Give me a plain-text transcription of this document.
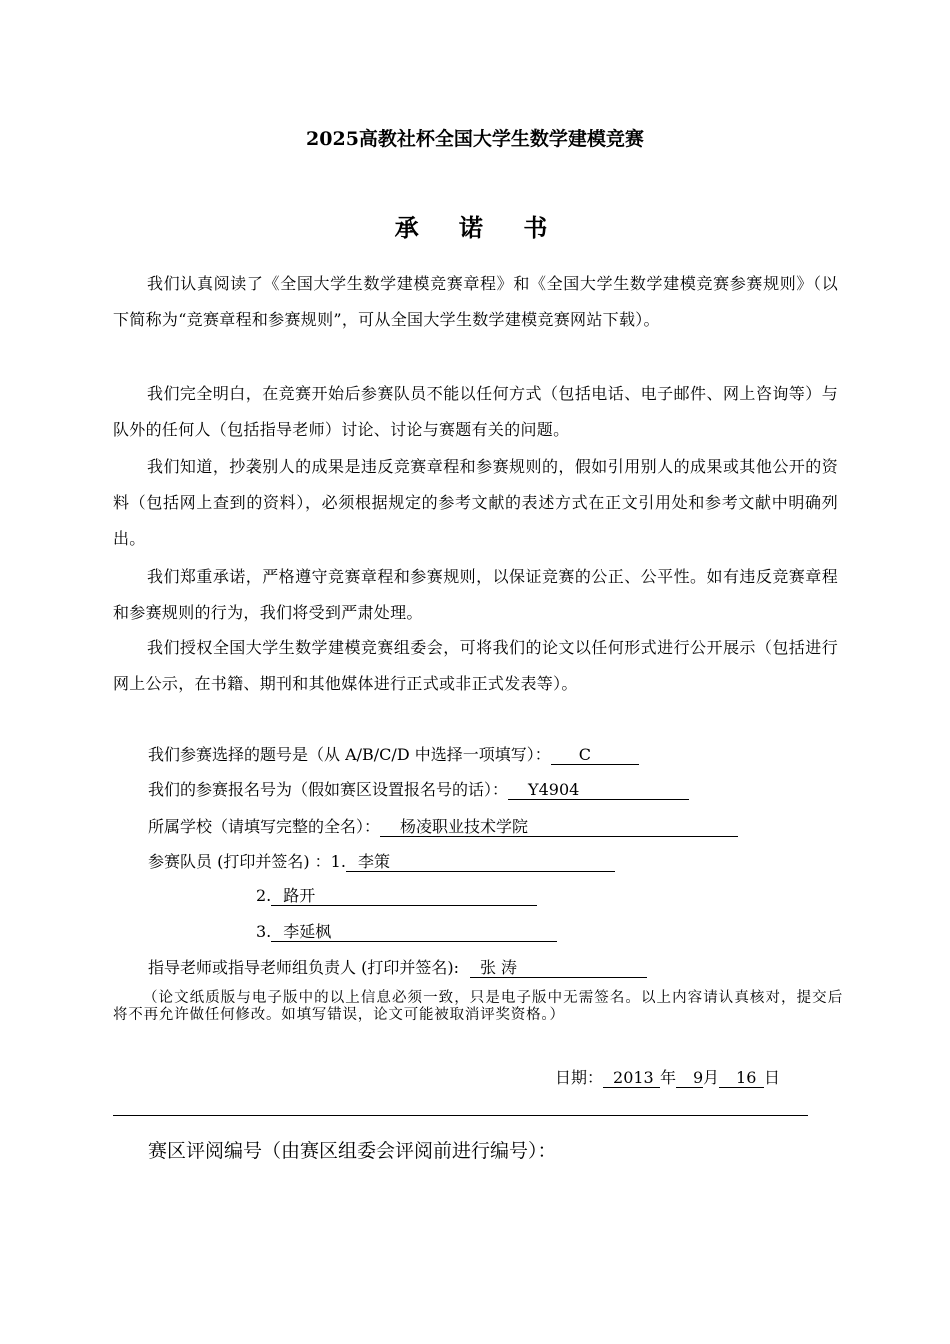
2025高教社杯全国大学生数学建模竞赛
承 诺 书
我们认真阅读了《全国大学生数学建模竞赛章程》和《全国大学生数学建模竞赛参赛规则》（以下简称为“竞赛章程和参赛规则”，可从全国大学生数学建模竞赛网站下载）。
我们完全明白，在竞赛开始后参赛队员不能以任何方式（包括电话、电子邮件、网上咨询等）与队外的任何人（包括指导老师）讨论、讨论与赛题有关的问题。
我们知道，抄袭别人的成果是违反竞赛章程和参赛规则的，假如引用别人的成果或其他公开的资料（包括网上查到的资料），必须根据规定的参考文献的表述方式在正文引用处和参考文献中明确列出。
我们郑重承诺，严格遵守竞赛章程和参赛规则，以保证竞赛的公正、公平性。如有违反竞赛章程和参赛规则的行为，我们将受到严肃处理。
我们授权全国大学生数学建模竞赛组委会，可将我们的论文以任何形式进行公开展示（包括进行网上公示，在书籍、期刊和其他媒体进行正式或非正式发表等）。
我们参赛选择的题号是（从 A/B/C/D 中选择一项填写）： C
我们的参赛报名号为（假如赛区设置报名号的话）： Y4904
所属学校（请填写完整的全名）： 杨凌职业技术学院
参赛队员 (打印并签名) ：1. 李策
2. 路开
3. 李延枫
指导老师或指导老师组负责人 (打印并签名): 张 涛
（论文纸质版与电子版中的以上信息必须一致，只是电子版中无需签名。以上内容请认真核对，提交后将不再允许做任何修改。如填写错误，论文可能被取消评奖资格。）
日期： 2013 年 9月 16 日
赛区评阅编号（由赛区组委会评阅前进行编号）：
